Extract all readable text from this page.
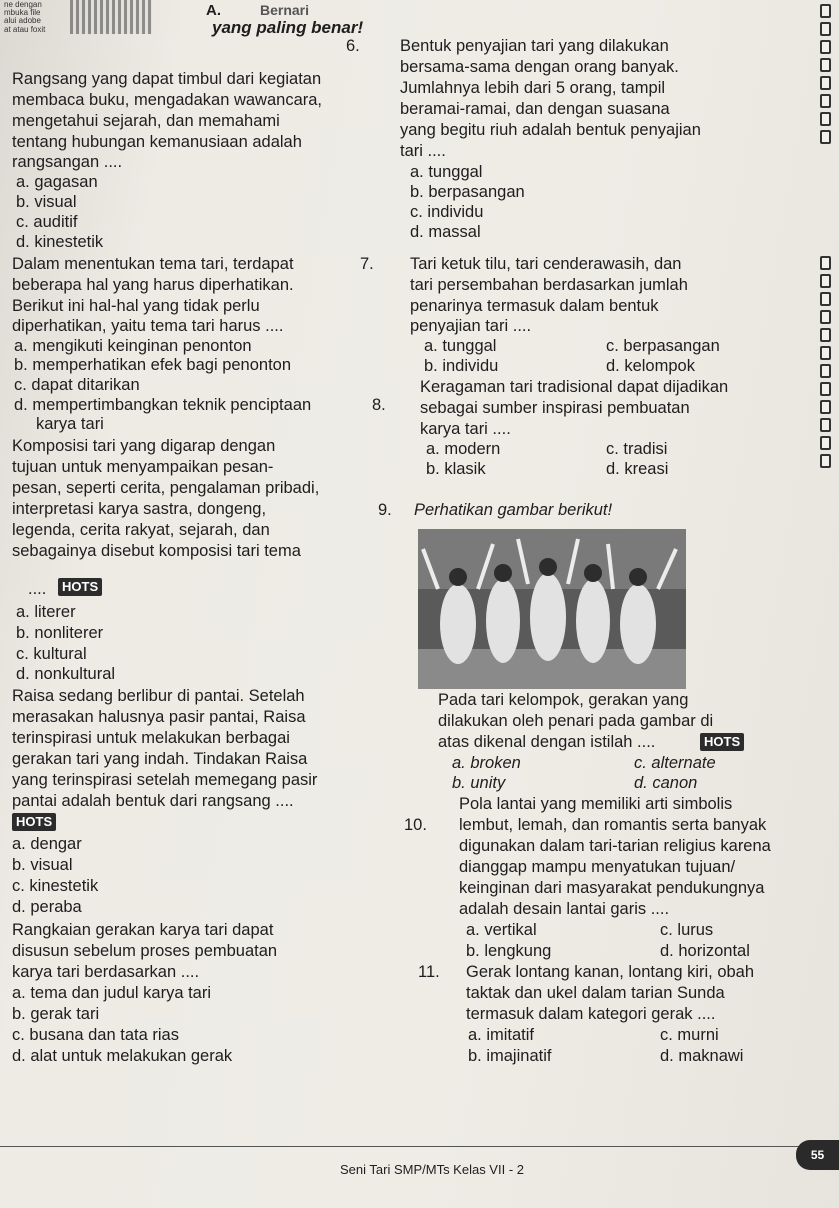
ne dengan
mbuka file
alui adobe
at atau foxit
A.	Bernari
yang paling benar!
Rangsang yang dapat timbul dari kegiatan
membaca buku, mengadakan wawancara,
mengetahui sejarah, dan memahami
tentang hubungan kemanusiaan adalah
rangsangan ....
a. gagasan
b. visual
c. auditif
d. kinestetik
Dalam menentukan tema tari, terdapat
beberapa hal yang harus diperhatikan.
Berikut ini hal-hal yang tidak perlu
diperhatikan, yaitu tema tari harus ....
a. mengikuti keinginan penonton
b. memperhatikan efek bagi penonton
c. dapat ditarikan
d. mempertimbangkan teknik penciptaan
karya tari
Komposisi tari yang digarap dengan
tujuan untuk menyampaikan pesan-
pesan, seperti cerita, pengalaman pribadi,
interpretasi karya sastra, dongeng,
legenda, cerita rakyat, sejarah, dan
sebagainya disebut komposisi tari tema
....	HOTS
a. literer
b. nonliterer
c. kultural
d. nonkultural
Raisa sedang berlibur di pantai. Setelah
merasakan halusnya pasir pantai, Raisa
terinspirasi untuk melakukan berbagai
gerakan tari yang indah. Tindakan Raisa
yang terinspirasi setelah memegang pasir
pantai adalah bentuk dari rangsang ....
HOTS
a. dengar
b. visual
c. kinestetik
d. peraba
Rangkaian gerakan karya tari dapat
disusun sebelum proses pembuatan
karya tari berdasarkan ....
a. tema dan judul karya tari
b. gerak tari
c. busana dan tata rias
d. alat untuk melakukan gerak
6. Bentuk penyajian tari yang dilakukan
bersama-sama dengan orang banyak.
Jumlahnya lebih dari 5 orang, tampil
beramai-ramai, dan dengan suasana
yang begitu riuh adalah bentuk penyajian
tari ....
a. tunggal
b. berpasangan
c. individu
d. massal
7. Tari ketuk tilu, tari cenderawasih, dan
tari persembahan berdasarkan jumlah
penarinya termasuk dalam bentuk
penyajian tari ....
a. tunggal
b. individu
c. berpasangan
d. kelompok
8.
Keragaman tari tradisional dapat dijadikan
sebagai sumber inspirasi pembuatan
karya tari ....
a. modern
b. klasik
c. tradisi
d. kreasi
9. Perhatikan gambar berikut!
Pada tari kelompok, gerakan yang
dilakukan oleh penari pada gambar di
atas dikenal dengan istilah ....	HOTS
a. broken
b. unity
c. alternate
d. canon
10.
Pola lantai yang memiliki arti simbolis
lembut, lemah, dan romantis serta banyak
digunakan dalam tari-tarian religius karena
dianggap mampu menyatukan tujuan/
keinginan dari masyarakat pendukungnya
adalah desain lantai garis ....
a. vertikal
b. lengkung
c. lurus
d. horizontal
11. Gerak lontang kanan, lontang kiri, obah
taktak dan ukel dalam tarian Sunda
termasuk dalam kategori gerak ....
a. imitatif
b. imajinatif
c. murni
d. maknawi
Seni Tari SMP/MTs Kelas VII - 2
55
